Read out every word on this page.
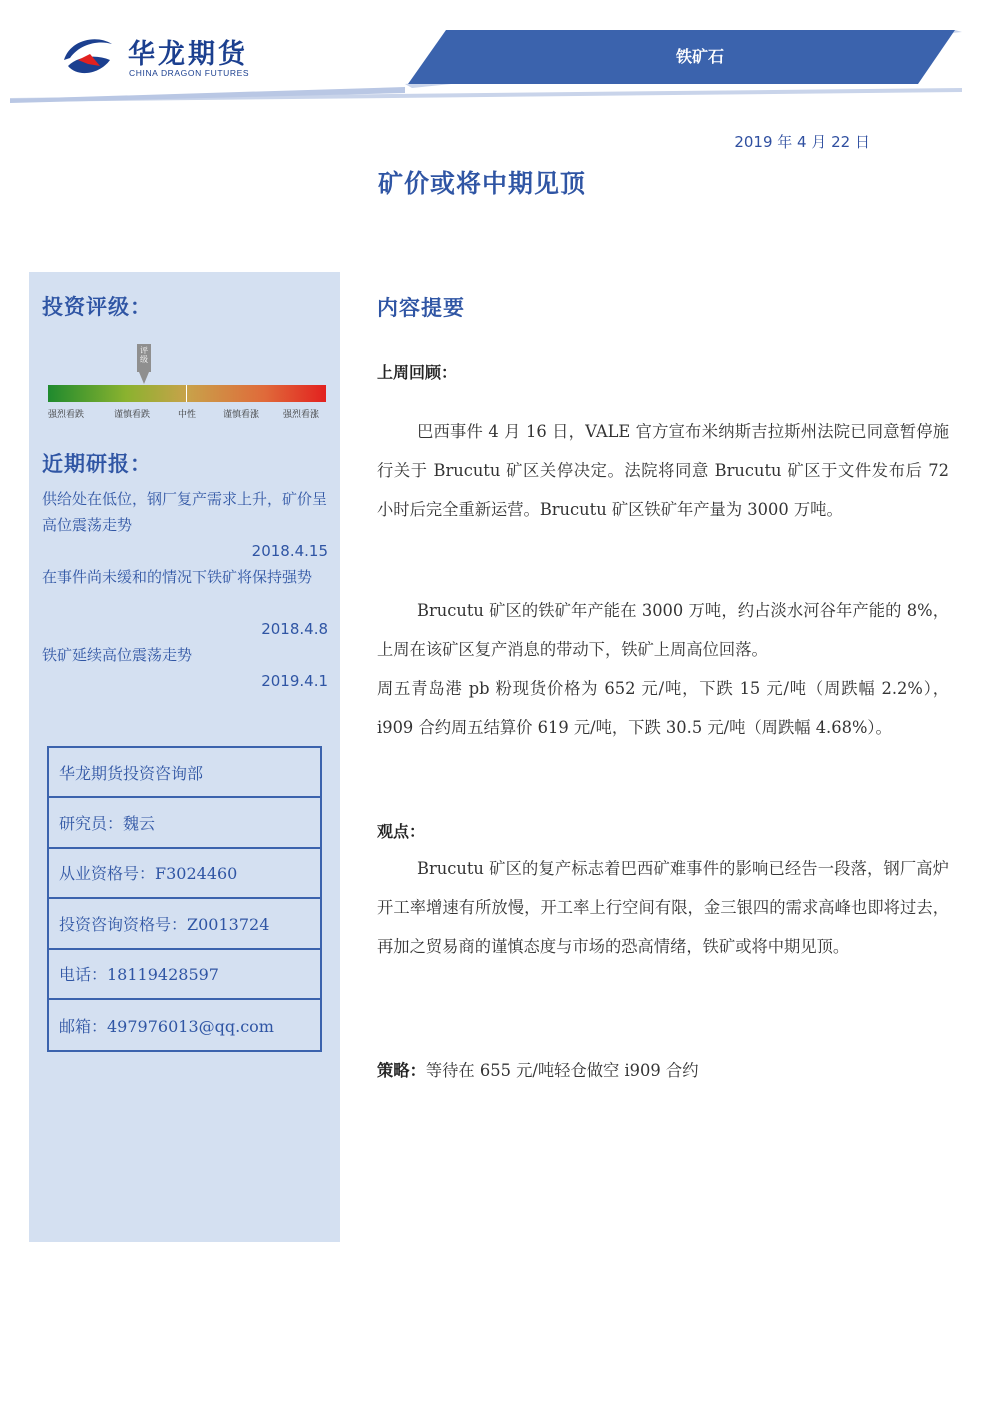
华龙期货
CHINA DRAGON FUTURES
铁矿石
2019 年 4 月 22 日
矿价或将中期见顶
投资评级：
评级
强烈看跌	谨慎看跌	中性	谨慎看涨	强烈看涨
近期研报：
供给处在低位，钢厂复产需求上升，矿价呈高位震荡走势
2018.4.15
在事件尚未缓和的情况下铁矿将保持强势
2018.4.8
铁矿延续高位震荡走势
2019.4.1
华龙期货投资咨询部
研究员：魏云
从业资格号：F3024460
投资咨询资格号：Z0013724
电话：18119428597
邮箱：497976013@qq.com
内容提要
上周回顾：
巴西事件 4 月 16 日，VALE 官方宣布米纳斯吉拉斯州法院已同意暂停施行关于 Brucutu 矿区关停决定。法院将同意 Brucutu 矿区于文件发布后 72 小时后完全重新运营。Brucutu 矿区铁矿年产量为 3000 万吨。
Brucutu 矿区的铁矿年产能在 3000 万吨，约占淡水河谷年产能的 8%，上周在该矿区复产消息的带动下，铁矿上周高位回落。
周五青岛港 pb 粉现货价格为 652 元/吨，下跌 15 元/吨（周跌幅 2.2%），i909 合约周五结算价 619 元/吨，下跌 30.5 元/吨（周跌幅 4.68%）。
观点：
Brucutu 矿区的复产标志着巴西矿难事件的影响已经告一段落，钢厂高炉开工率增速有所放慢，开工率上行空间有限，金三银四的需求高峰也即将过去，再加之贸易商的谨慎态度与市场的恐高情绪，铁矿或将中期见顶。
策略：等待在 655 元/吨轻仓做空 i909 合约
